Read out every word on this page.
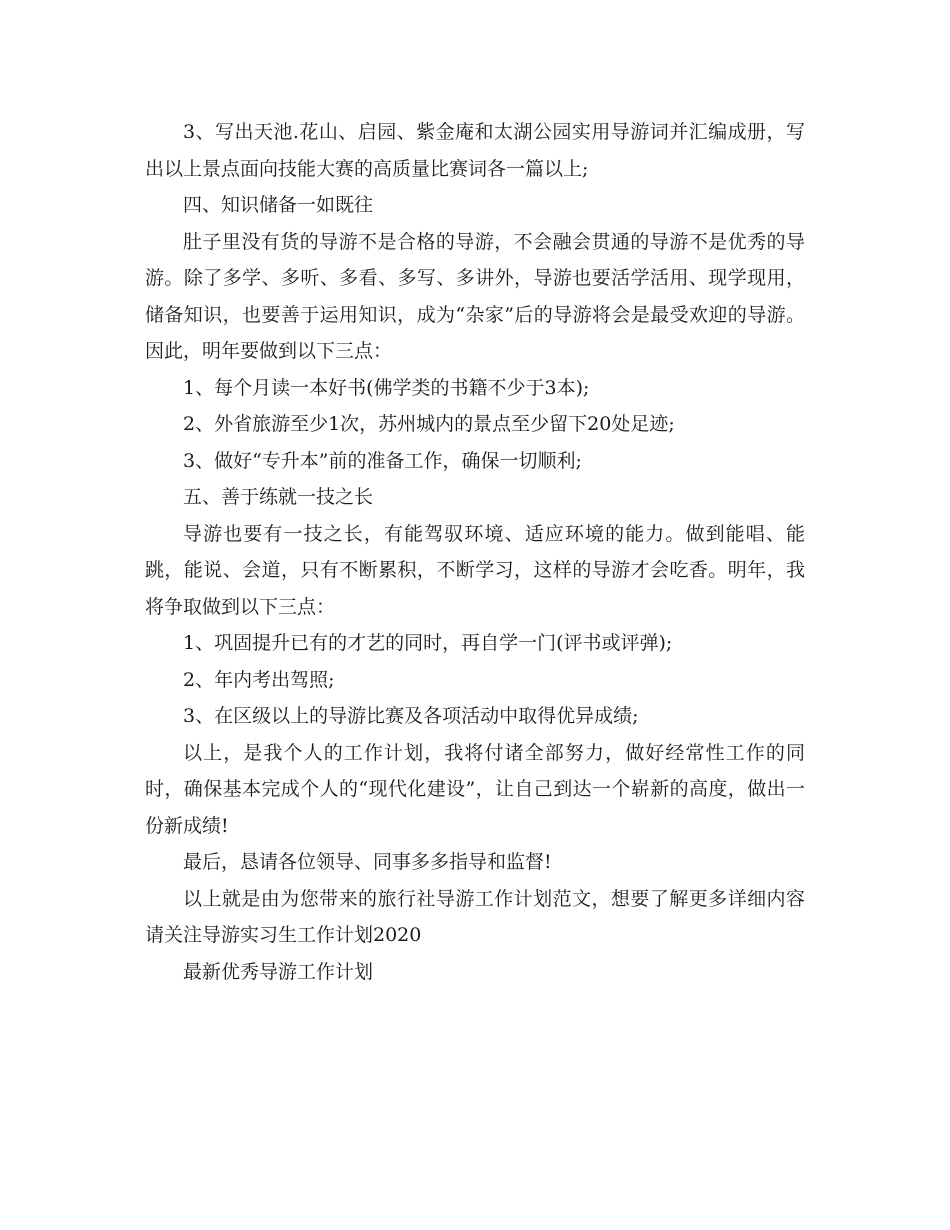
3、写出天池.花山、启园、紫金庵和太湖公园实用导游词并汇编成册，写出以上景点面向技能大赛的高质量比赛词各一篇以上;

四、知识储备一如既往

肚子里没有货的导游不是合格的导游，不会融会贯通的导游不是优秀的导游。除了多学、多听、多看、多写、多讲外，导游也要活学活用、现学现用，储备知识，也要善于运用知识，成为“杂家”后的导游将会是最受欢迎的导游。因此，明年要做到以下三点：

1、每个月读一本好书(佛学类的书籍不少于3本);

2、外省旅游至少1次，苏州城内的景点至少留下20处足迹;

3、做好“专升本”前的准备工作，确保一切顺利;

五、善于练就一技之长

导游也要有一技之长，有能驾驭环境、适应环境的能力。做到能唱、能跳，能说、会道，只有不断累积，不断学习，这样的导游才会吃香。明年，我将争取做到以下三点：

1、巩固提升已有的才艺的同时，再自学一门(评书或评弹);

2、年内考出驾照;

3、在区级以上的导游比赛及各项活动中取得优异成绩;

以上，是我个人的工作计划，我将付诸全部努力，做好经常性工作的同时，确保基本完成个人的“现代化建设”，让自己到达一个崭新的高度，做出一份新成绩!

最后，恳请各位领导、同事多多指导和监督!

以上就是由为您带来的旅行社导游工作计划范文，想要了解更多详细内容请关注导游实习生工作计划2020

最新优秀导游工作计划
